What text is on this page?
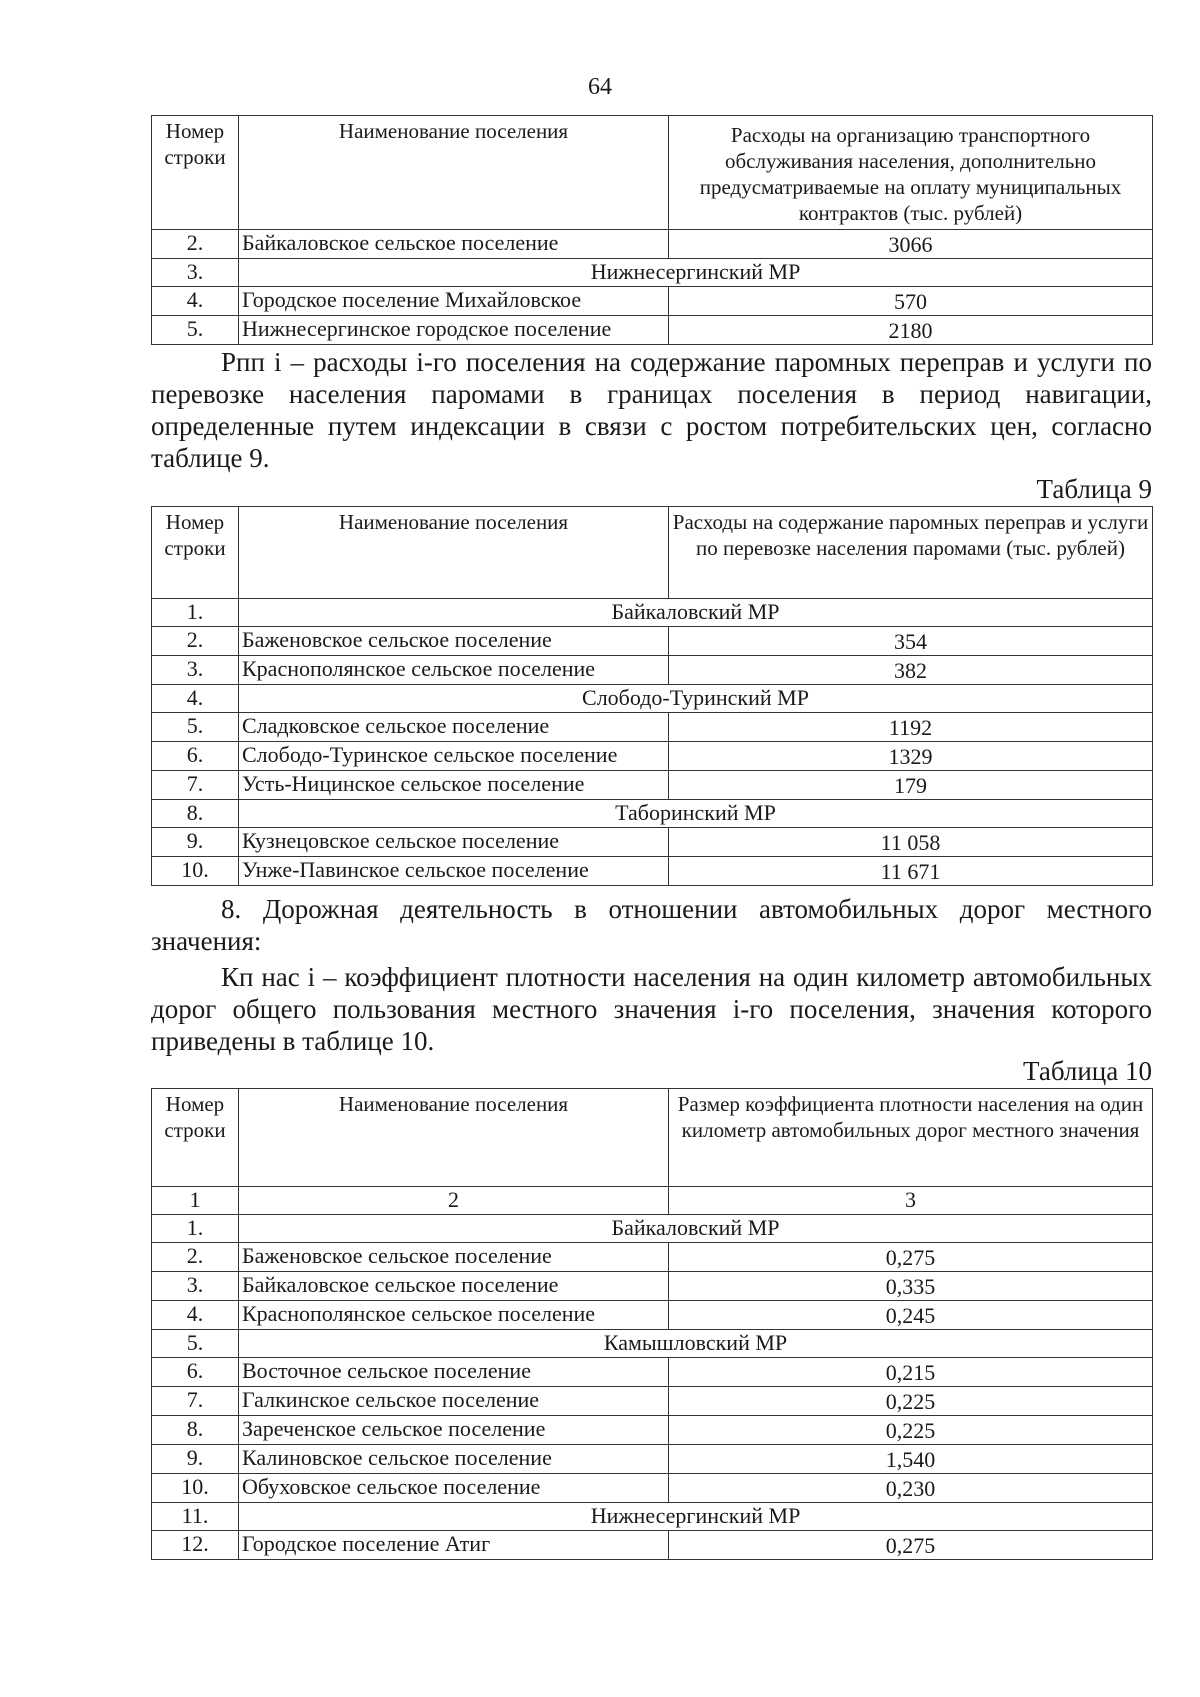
64
Номер строки	Наименование поселения	Расходы на организацию транспортного обслуживания населения, дополнительно предусматриваемые на оплату муниципальных контрактов (тыс. рублей)
2.	Байкаловское сельское поселение	3066
3.	Нижнесергинский МР	
4.	Городское поселение Михайловское	570
5.	Нижнесергинское городское поселение	2180
Рпп i – расходы i-го поселения на содержание паромных переправ и услуги по перевозке населения паромами в границах поселения в период навигации, определенные путем индексации в связи с ростом потребительских цен, согласно таблице 9.
Таблица 9
Номер строки	Наименование поселения	Расходы на содержание паромных переправ и услуги по перевозке населения паромами (тыс. рублей)
1.	Байкаловский МР	
2.	Баженовское сельское поселение	354
3.	Краснополянское сельское поселение	382
4.	Слободо-Туринский МР	
5.	Сладковское сельское поселение	1192
6.	Слободо-Туринское сельское поселение	1329
7.	Усть-Ницинское сельское поселение	179
8.	Таборинский МР	
9.	Кузнецовское сельское поселение	11 058
10.	Унже-Павинское сельское поселение	11 671
8. Дорожная деятельность в отношении автомобильных дорог местного значения:
Кп нас i – коэффициент плотности населения на один километр автомобильных дорог общего пользования местного значения i-го поселения, значения которого приведены в таблице 10.
Таблица 10
Номер строки	Наименование поселения	Размер коэффициента плотности населения на один километр автомобильных дорог местного значения
1	2	3
1.	Байкаловский МР	
2.	Баженовское сельское поселение	0,275
3.	Байкаловское сельское поселение	0,335
4.	Краснополянское сельское поселение	0,245
5.	Камышловский МР	
6.	Восточное сельское поселение	0,215
7.	Галкинское сельское поселение	0,225
8.	Зареченское сельское поселение	0,225
9.	Калиновское сельское поселение	1,540
10.	Обуховское сельское поселение	0,230
11.	Нижнесергинский МР	
12.	Городское поселение Атиг	0,275
